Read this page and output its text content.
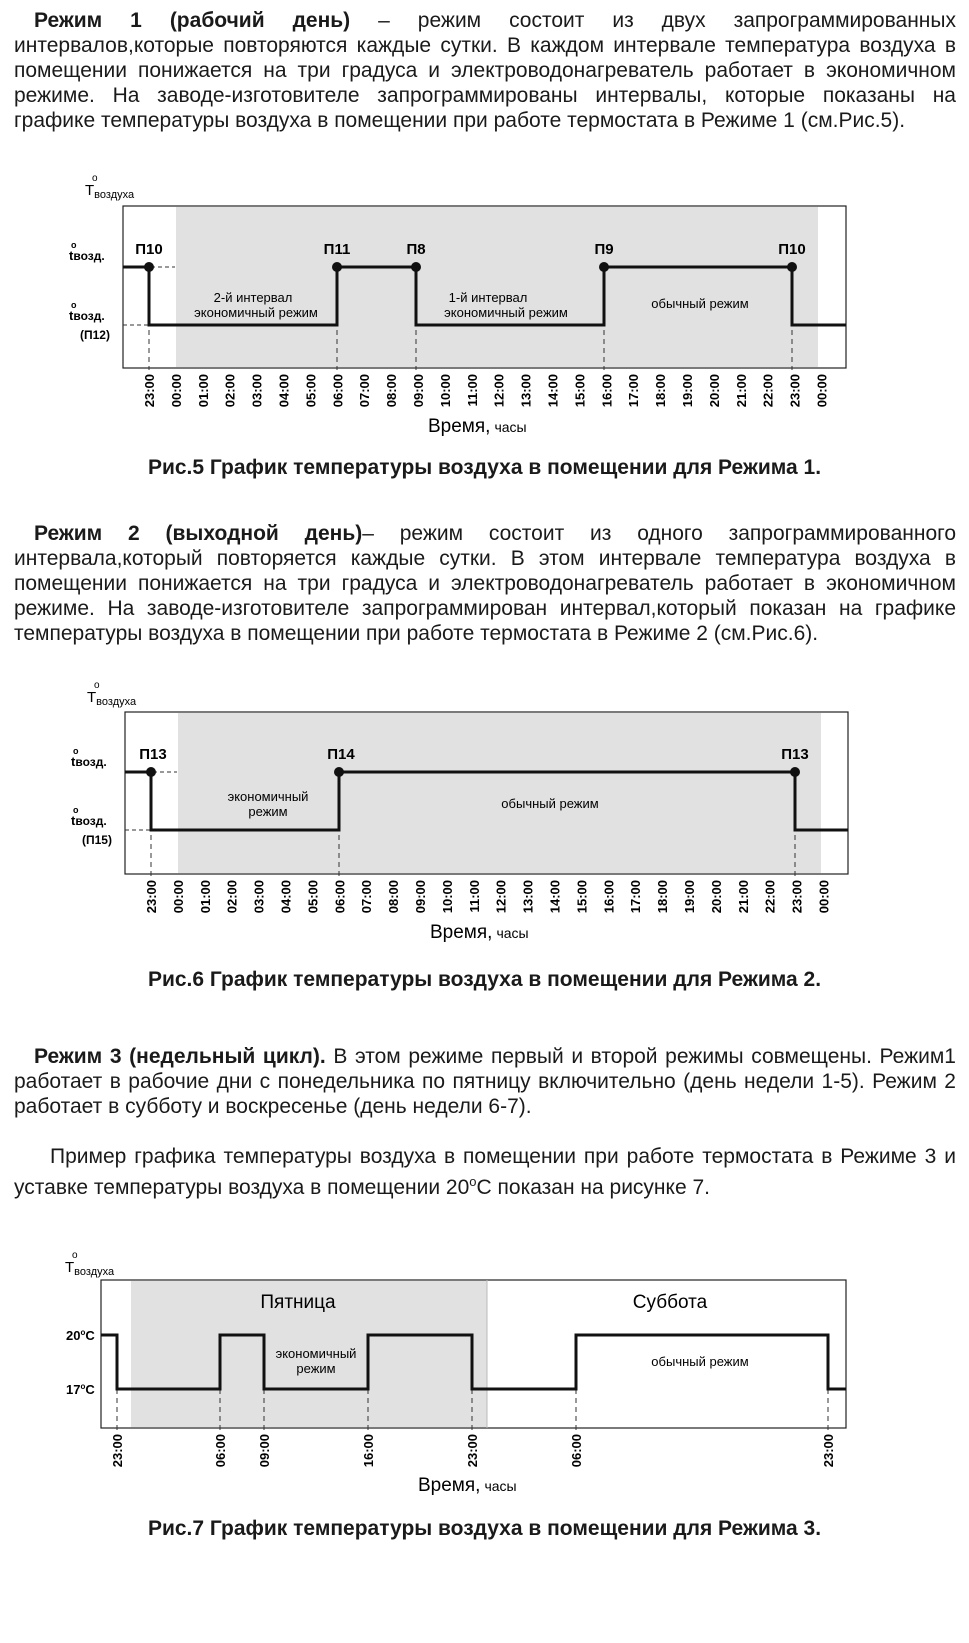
Режим 1 (рабочий день) – режим состоит из двух запрограммированных интервалов,которые повторяются каждые сутки. В каждом интервале температура воздуха в помещении понижается на три градуса и электроводонагреватель работает в экономичном режиме. На заводе-изготовителе запрограммированы интервалы, которые показаны на графике температуры воздуха в помещении при работе термостата в Режиме 1 (см.Рис.5).

П10	П11	П8	П9	П10
2-й интервал
экономичный режим
1-й интервал
экономичный режим
обычный режим
$T_{воздуха}$
o
tвозд.
o
tвозд.
o
(П12)
23:00 00:00 01:00 02:00 03:00 04:00 05:00 06:00 07:00 08:00 09:00 10:00 11:00 12:00 13:00 14:00 15:00 16:00 17:00 18:00 19:00 20:00 21:00 22:00 23:00 00:00
Время, часы

Рис.5 График температуры воздуха в помещении для Режима 1.

Режим 2 (выходной день)– режим состоит из одного запрограммированного интервала,который повторяется каждые сутки. В этом интервале температура воздуха в помещении понижается на три градуса и электроводонагреватель работает в экономичном режиме. На заводе-изготовителе запрограммирован интервал,который показан на графике температуры воздуха в помещении при работе термостата в Режиме 2 (см.Рис.6).

П13	П14	П13
экономичный
режим
обычный режим
$T_{воздуха}$
o
tвозд.
o
tвозд.
o
(П15)
23:00 00:00 01:00 02:00 03:00 04:00 05:00 06:00 07:00 08:00 09:00 10:00 11:00 12:00 13:00 14:00 15:00 16:00 17:00 18:00 19:00 20:00 21:00 22:00 23:00 00:00
Время, часы

Рис.6 График температуры воздуха в помещении для Режима 2.

Режим 3 (недельный цикл). В этом режиме первый и второй режимы совмещены. Режим1 работает в рабочие дни с понедельника по пятницу включительно (день недели 1-5). Режим 2 работает в субботу и воскресенье (день недели 6-7).

Пример графика температуры воздуха в помещении при работе термостата в Режиме 3 и уставке температуры воздуха в помещении 20$^o$C показан на рисунке 7.

Пятница	Суббота
экономичный
режим	обычный режим
$T_{воздуха}$
o
20$^o$C
17$^o$C
23:00	06:00 09:00	16:00	23:00	06:00	23:00
Время, часы

Рис.7 График температуры воздуха в помещении для Режима 3.
